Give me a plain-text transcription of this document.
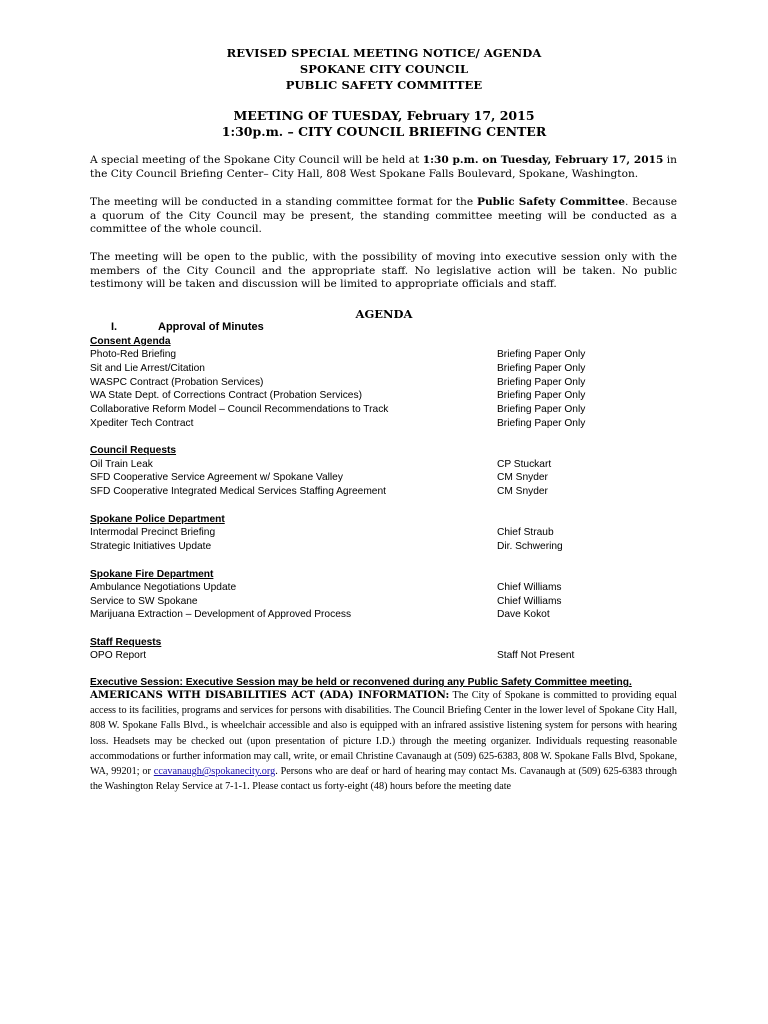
REVISED SPECIAL MEETING NOTICE/ AGENDA
SPOKANE CITY COUNCIL
PUBLIC SAFETY COMMITTEE
MEETING OF TUESDAY, February 17, 2015
1:30p.m. – CITY COUNCIL BRIEFING CENTER
A special meeting of the Spokane City Council will be held at 1:30 p.m. on Tuesday, February 17, 2015 in the City Council Briefing Center– City Hall, 808 West Spokane Falls Boulevard, Spokane, Washington.
The meeting will be conducted in a standing committee format for the Public Safety Committee. Because a quorum of the City Council may be present, the standing committee meeting will be conducted as a committee of the whole council.
The meeting will be open to the public, with the possibility of moving into executive session only with the members of the City Council and the appropriate staff. No legislative action will be taken. No public testimony will be taken and discussion will be limited to appropriate officials and staff.
AGENDA
I.	Approval of Minutes
Consent Agenda
Photo-Red Briefing	Briefing Paper Only
Sit and Lie Arrest/Citation	Briefing Paper Only
WASPC Contract (Probation Services)	Briefing Paper Only
WA State Dept. of Corrections Contract (Probation Services)	Briefing Paper Only
Collaborative Reform Model – Council Recommendations to Track	Briefing Paper Only
Xpediter Tech Contract	Briefing Paper Only
Council Requests
Oil Train Leak	CP Stuckart
SFD Cooperative Service Agreement w/ Spokane Valley	CM Snyder
SFD Cooperative Integrated Medical Services Staffing Agreement	CM Snyder
Spokane Police Department
Intermodal Precinct Briefing	Chief Straub
Strategic Initiatives Update	Dir. Schwering
Spokane Fire Department
Ambulance Negotiations Update	Chief Williams
Service to SW Spokane	Chief Williams
Marijuana Extraction – Development of Approved Process	Dave Kokot
Staff Requests
OPO Report	Staff Not Present
Executive Session: Executive Session may be held or reconvened during any Public Safety Committee meeting.
AMERICANS WITH DISABILITIES ACT (ADA) INFORMATION: The City of Spokane is committed to providing equal access to its facilities, programs and services for persons with disabilities. The Council Briefing Center in the lower level of Spokane City Hall, 808 W. Spokane Falls Blvd., is wheelchair accessible and also is equipped with an infrared assistive listening system for persons with hearing loss. Headsets may be checked out (upon presentation of picture I.D.) through the meeting organizer. Individuals requesting reasonable accommodations or further information may call, write, or email Christine Cavanaugh at (509) 625-6383, 808 W. Spokane Falls Blvd, Spokane, WA, 99201; or ccavanaugh@spokanecity.org. Persons who are deaf or hard of hearing may contact Ms. Cavanaugh at (509) 625-6383 through the Washington Relay Service at 7-1-1. Please contact us forty-eight (48) hours before the meeting date
